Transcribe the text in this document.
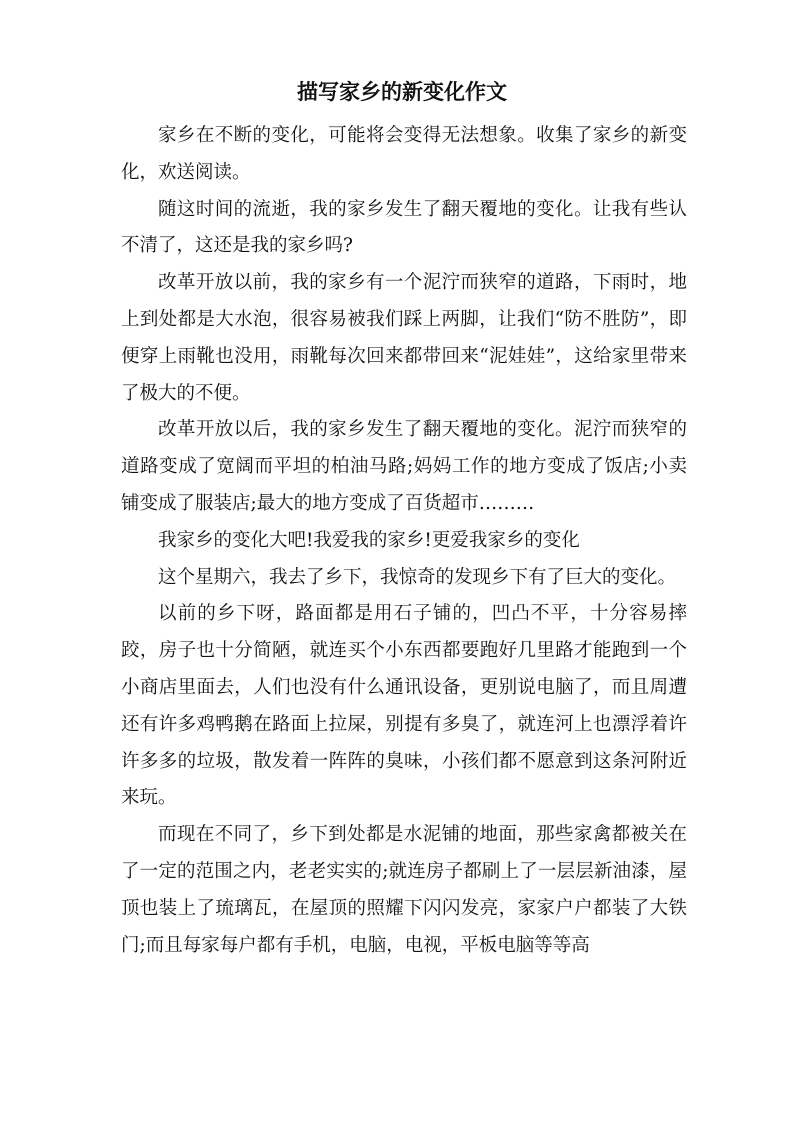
描写家乡的新变化作文

家乡在不断的变化，可能将会变得无法想象。收集了家乡的新变化，欢送阅读。

随这时间的流逝，我的家乡发生了翻天覆地的变化。让我有些认不清了，这还是我的家乡吗?

改革开放以前，我的家乡有一个泥泞而狭窄的道路，下雨时，地上到处都是大水泡，很容易被我们踩上两脚，让我们“防不胜防”，即便穿上雨靴也没用，雨靴每次回来都带回来“泥娃娃”，这给家里带来了极大的不便。

改革开放以后，我的家乡发生了翻天覆地的变化。泥泞而狭窄的道路变成了宽阔而平坦的柏油马路;妈妈工作的地方变成了饭店;小卖铺变成了服装店;最大的地方变成了百货超市………

我家乡的变化大吧!我爱我的家乡!更爱我家乡的变化

这个星期六，我去了乡下，我惊奇的发现乡下有了巨大的变化。

以前的乡下呀，路面都是用石子铺的，凹凸不平，十分容易摔跤，房子也十分简陋，就连买个小东西都要跑好几里路才能跑到一个小商店里面去，人们也没有什么通讯设备，更别说电脑了，而且周遭还有许多鸡鸭鹅在路面上拉屎，别提有多臭了，就连河上也漂浮着许许多多的垃圾，散发着一阵阵的臭味，小孩们都不愿意到这条河附近来玩。

而现在不同了，乡下到处都是水泥铺的地面，那些家禽都被关在了一定的范围之内，老老实实的;就连房子都刷上了一层层新油漆，屋顶也装上了琉璃瓦，在屋顶的照耀下闪闪发亮，家家户户都装了大铁门;而且每家每户都有手机，电脑，电视，平板电脑等等高
